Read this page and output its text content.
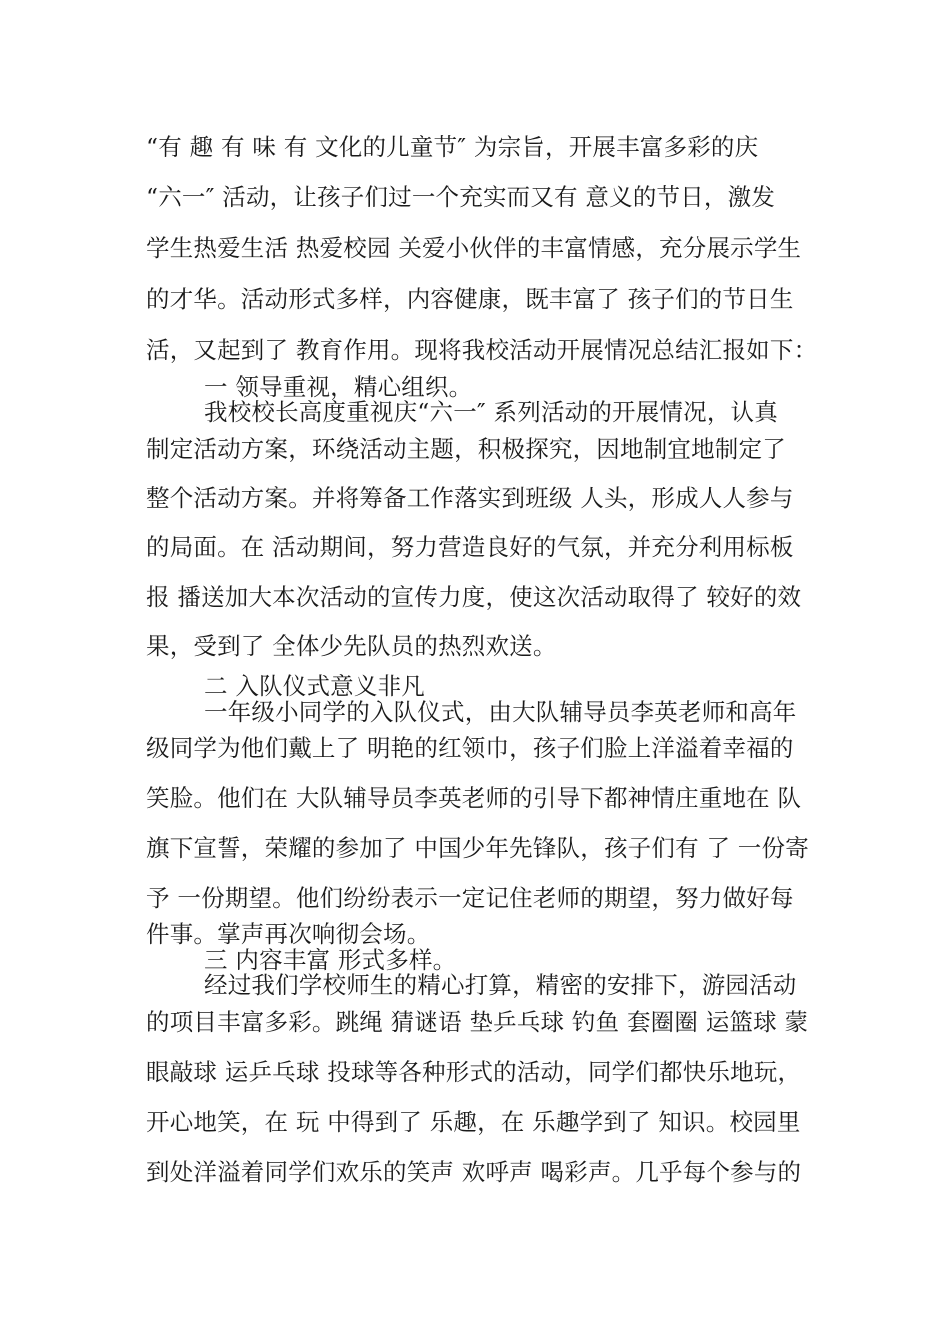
“有 趣 有 味 有 文化的儿童节″ 为宗旨，开展丰富多彩的庆
“六一″ 活动，让孩子们过一个充实而又有 意义的节日，激发
学生热爱生活 热爱校园 关爱小伙伴的丰富情感，充分展示学生
的才华。活动形式多样，内容健康，既丰富了 孩子们的节日生
活，又起到了 教育作用。现将我校活动开展情况总结汇报如下：
一 领导重视，精心组织。
我校校长高度重视庆“六一″ 系列活动的开展情况，认真
制定活动方案，环绕活动主题，积极探究，因地制宜地制定了
整个活动方案。并将筹备工作落实到班级 人头，形成人人参与
的局面。在 活动期间，努力营造良好的气氛，并充分利用标板
报 播送加大本次活动的宣传力度，使这次活动取得了 较好的效
果，受到了 全体少先队员的热烈欢送。
二 入队仪式意义非凡
一年级小同学的入队仪式，由大队辅导员李英老师和高年
级同学为他们戴上了 明艳的红领巾，孩子们脸上洋溢着幸福的
笑脸。他们在 大队辅导员李英老师的引导下都神情庄重地在 队
旗下宣誓，荣耀的参加了 中国少年先锋队，孩子们有 了 一份寄
予 一份期望。他们纷纷表示一定记住老师的期望，努力做好每
件事。掌声再次响彻会场。
三 内容丰富 形式多样。
经过我们学校师生的精心打算，精密的安排下，游园活动
的项目丰富多彩。跳绳 猜谜语 垫乒乓球 钓鱼 套圈圈 运篮球 蒙
眼敲球 运乒乓球 投球等各种形式的活动，同学们都快乐地玩，
开心地笑，在 玩 中得到了 乐趣，在 乐趣学到了 知识。校园里
到处洋溢着同学们欢乐的笑声 欢呼声 喝彩声。几乎每个参与的
